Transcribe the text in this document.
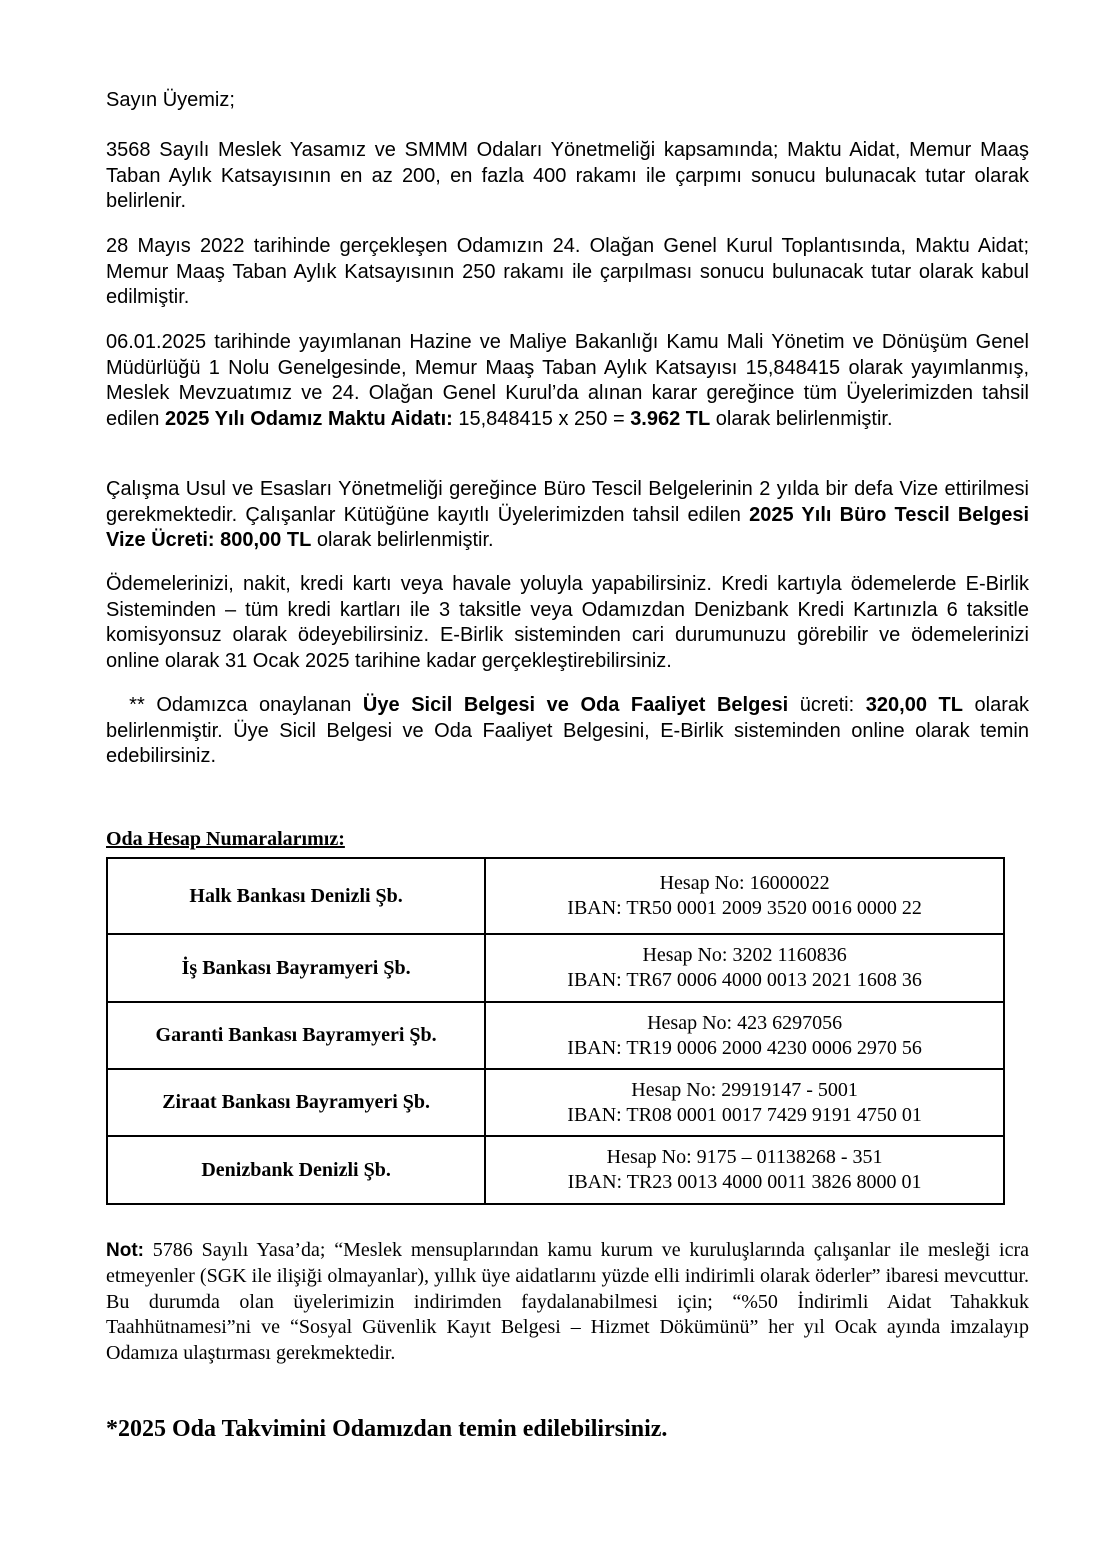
Sayın Üyemiz;

3568 Sayılı Meslek Yasamız ve SMMM Odaları Yönetmeliği kapsamında; Maktu Aidat, Memur Maaş Taban Aylık Katsayısının en az 200, en fazla 400 rakamı ile çarpımı sonucu bulunacak tutar olarak belirlenir.

28 Mayıs 2022 tarihinde gerçekleşen Odamızın 24. Olağan Genel Kurul Toplantısında, Maktu Aidat; Memur Maaş Taban Aylık Katsayısının 250 rakamı ile çarpılması sonucu bulunacak tutar olarak kabul edilmiştir.

06.01.2025 tarihinde yayımlanan Hazine ve Maliye Bakanlığı Kamu Mali Yönetim ve Dönüşüm Genel Müdürlüğü 1 Nolu Genelgesinde, Memur Maaş Taban Aylık Katsayısı 15,848415 olarak yayımlanmış, Meslek Mevzuatımız ve 24. Olağan Genel Kurul’da alınan karar gereğince tüm Üyelerimizden tahsil edilen 2025 Yılı Odamız Maktu Aidatı: 15,848415 x 250 = 3.962 TL olarak belirlenmiştir.

Çalışma Usul ve Esasları Yönetmeliği gereğince Büro Tescil Belgelerinin 2 yılda bir defa Vize ettirilmesi gerekmektedir. Çalışanlar Kütüğüne kayıtlı Üyelerimizden tahsil edilen 2025 Yılı Büro Tescil Belgesi Vize Ücreti: 800,00 TL olarak belirlenmiştir.

Ödemelerinizi, nakit, kredi kartı veya havale yoluyla yapabilirsiniz. Kredi kartıyla ödemelerde E-Birlik Sisteminden – tüm kredi kartları ile 3 taksitle veya Odamızdan Denizbank Kredi Kartınızla 6 taksitle komisyonsuz olarak ödeyebilirsiniz. E-Birlik sisteminden cari durumunuzu görebilir ve ödemelerinizi online olarak 31 Ocak 2025 tarihine kadar gerçekleştirebilirsiniz.

** Odamızca onaylanan Üye Sicil Belgesi ve Oda Faaliyet Belgesi ücreti: 320,00 TL olarak belirlenmiştir. Üye Sicil Belgesi ve Oda Faaliyet Belgesini, E-Birlik sisteminden online olarak temin edebilirsiniz.

Oda Hesap Numaralarımız:
Halk Bankası Denizli Şb.	Hesap No: 16000022
IBAN: TR50 0001 2009 3520 0016 0000 22

İş Bankası Bayramyeri Şb.	Hesap No: 3202 1160836
IBAN: TR67 0006 4000 0013 2021 1608 36

Garanti Bankası Bayramyeri Şb.	Hesap No: 423 6297056
IBAN: TR19 0006 2000 4230 0006 2970 56

Ziraat Bankası Bayramyeri Şb.	Hesap No: 29919147 - 5001
IBAN: TR08 0001 0017 7429 9191 4750 01

Denizbank Denizli Şb.	Hesap No: 9175 – 01138268 - 351
IBAN: TR23 0013 4000 0011 3826 8000 01

Not: 5786 Sayılı Yasa’da; “Meslek mensuplarından kamu kurum ve kuruluşlarında çalışanlar ile mesleği icra etmeyenler (SGK ile ilişiği olmayanlar), yıllık üye aidatlarını yüzde elli indirimli olarak öderler” ibaresi mevcuttur. Bu durumda olan üyelerimizin indirimden faydalanabilmesi için; “%50 İndirimli Aidat Tahakkuk Taahhütnamesi”ni ve “Sosyal Güvenlik Kayıt Belgesi – Hizmet Dökümünü” her yıl Ocak ayında imzalayıp Odamıza ulaştırması gerekmektedir.

*2025 Oda Takvimini Odamızdan temin edilebilirsiniz.
